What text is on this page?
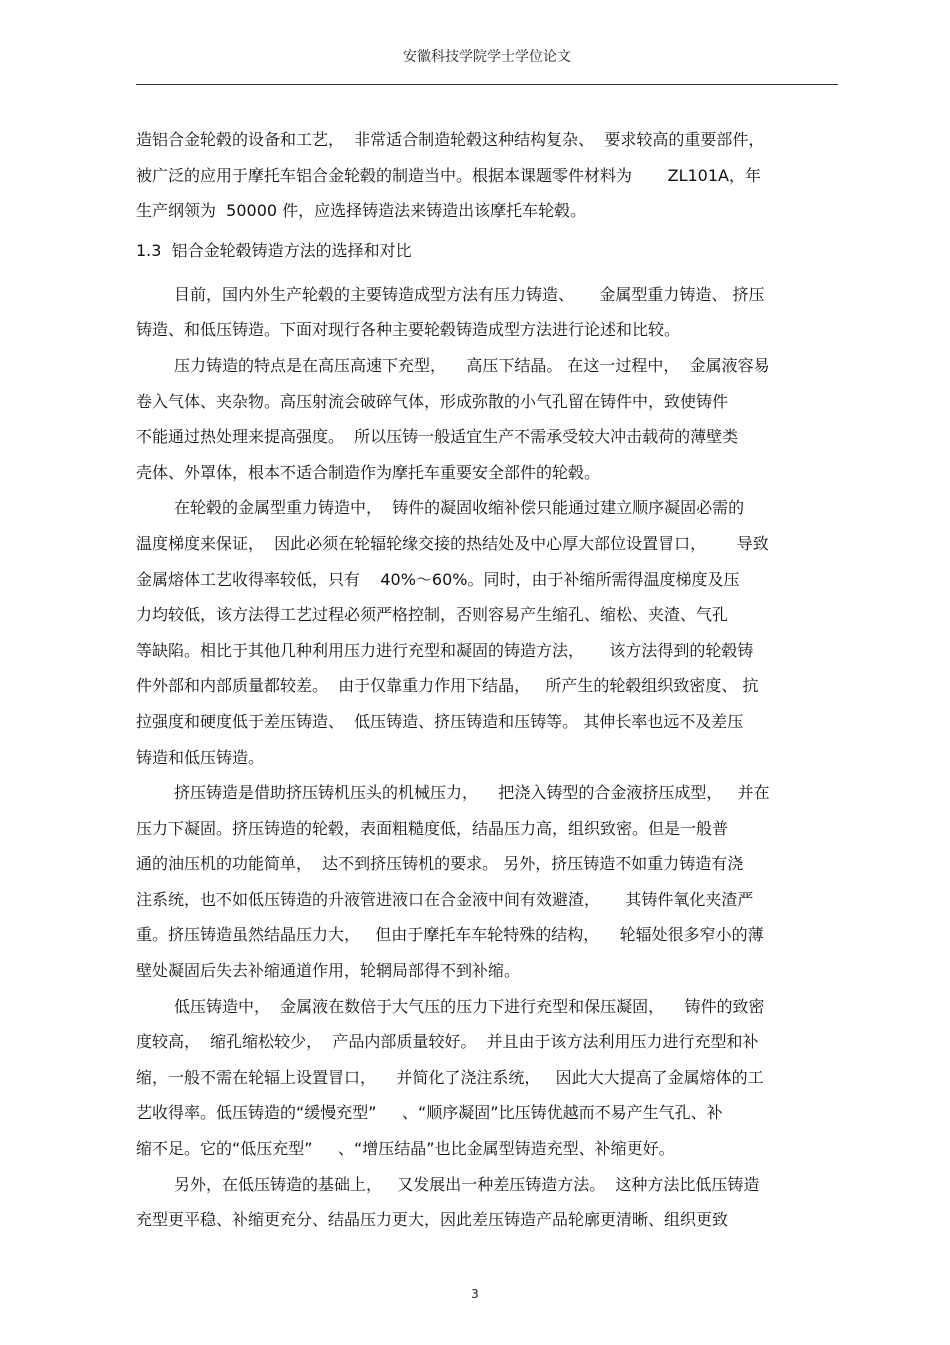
安徽科技学院学士学位论文
造铝合金轮毂的设备和工艺，  非常适合制造轮毂这种结构复杂、  要求较高的重要部件，
被广泛的应用于摩托车铝合金轮毂的制造当中。根据本课题零件材料为       ZL101A，年
生产纲领为  50000 件，应选择铸造法来铸造出该摩托车轮毂。
1.3  铝合金轮毂铸造方法的选择和对比
目前，国内外生产轮毂的主要铸造成型方法有压力铸造、     金属型重力铸造、 挤压
铸造、和低压铸造。下面对现行各种主要轮毂铸造成型方法进行论述和比较。
压力铸造的特点是在高压高速下充型，    高压下结晶。 在这一过程中，  金属液容易
卷入气体、夹杂物。高压射流会破碎气体，形成弥散的小气孔留在铸件中，致使铸件
不能通过热处理来提高强度。  所以压铸一般适宜生产不需承受较大冲击载荷的薄壁类
壳体、外罩体，根本不适合制造作为摩托车重要安全部件的轮毂。
在轮毂的金属型重力铸造中，  铸件的凝固收缩补偿只能通过建立顺序凝固必需的
温度梯度来保证，  因此必须在轮辐轮缘交接的热结处及中心厚大部位设置冒口，      导致
金属熔体工艺收得率较低，只有    40%～60%。同时，由于补缩所需得温度梯度及压
力均较低，该方法得工艺过程必须严格控制，否则容易产生缩孔、缩松、夹渣、气孔
等缺陷。相比于其他几种利用压力进行充型和凝固的铸造方法，     该方法得到的轮毂铸
件外部和内部质量都较差。  由于仅靠重力作用下结晶，   所产生的轮毂组织致密度、 抗
拉强度和硬度低于差压铸造、  低压铸造、挤压铸造和压铸等。 其伸长率也远不及差压
铸造和低压铸造。
挤压铸造是借助挤压铸机压头的机械压力，    把浇入铸型的合金液挤压成型，   并在
压力下凝固。挤压铸造的轮毂，表面粗糙度低，结晶压力高，组织致密。但是一般普
通的油压机的功能简单，  达不到挤压铸机的要求。 另外，挤压铸造不如重力铸造有浇
注系统，也不如低压铸造的升液管进液口在合金液中间有效避渣，     其铸件氧化夹渣严
重。挤压铸造虽然结晶压力大，   但由于摩托车车轮特殊的结构，    轮辐处很多窄小的薄
壁处凝固后失去补缩通道作用，轮辋局部得不到补缩。
低压铸造中，  金属液在数倍于大气压的压力下进行充型和保压凝固，    铸件的致密
度较高，  缩孔缩松较少，  产品内部质量较好。  并且由于该方法利用压力进行充型和补
缩，一般不需在轮辐上设置冒口，    并简化了浇注系统，   因此大大提高了金属熔体的工
艺收得率。低压铸造的“缓慢充型”     、“顺序凝固”比压铸优越而不易产生气孔、补
缩不足。它的“低压充型”     、“增压结晶”也比金属型铸造充型、补缩更好。
另外，在低压铸造的基础上，   又发展出一种差压铸造方法。  这种方法比低压铸造
充型更平稳、补缩更充分、结晶压力更大，因此差压铸造产品轮廓更清晰、组织更致
3
